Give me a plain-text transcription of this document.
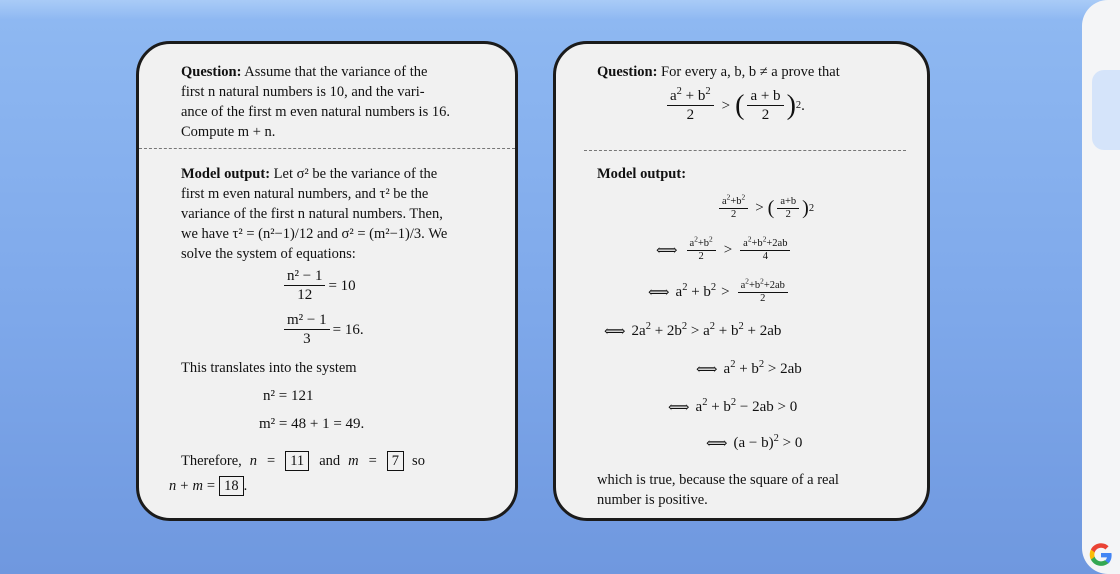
Question: Assume that the variance of the
first n natural numbers is 10, and the vari-
ance of the first m even natural numbers is 16.
Compute m + n.
Model output: Let σ² be the variance of the
first m even natural numbers, and τ² be the
variance of the first n natural numbers. Then,
we have τ² = (n²−1)/12 and σ² = (m²−1)/3. We
solve the system of equations:
$\frac{\text{n² − 1}}{12} = 10$
$\frac{\text{m² − 1}}{3} = 16$.
This translates into the system
n² = 121
m² = 48 + 1 = 49.
Therefore, n =	11	and m =	7 so
n + m = 18 .
Question: For every a, b, b ≠ a prove that
$\frac{a^2 + b^2}{2}$ > ( $\frac{a + b}{2}$ ) 2 .
Model output:
$\frac{a^2+b^2}{2}$ > ( $\frac{a+b}{2}$ ) 2
⟺ $\frac{a^2+b^2}{2} > \frac{a^2+b^2+2ab}{4}$
⟺ $a^2 + b^2 > \frac{a^2+b^2+2ab}{2}$
⟺ $2a^2 + 2b^2 > a^2 + b^2 + 2ab$
⟺ $a^2 + b^2 > 2ab$
⟺ $a^2 + b^2 - 2ab > 0$
⟺ $(a - b)^2 > 0$
which is true, because the square of a real
number is positive.
